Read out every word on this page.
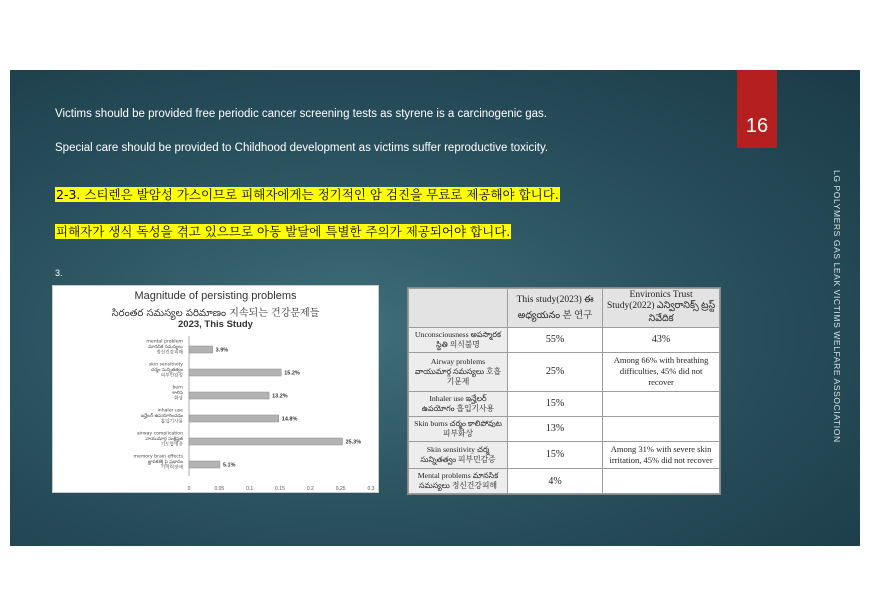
Victims should be provided free periodic cancer screening tests as styrene is a carcinogenic gas.
Special care should be provided to Childhood development as victims suffer reproductive toxicity.
2-3. 스티렌은 발암성 가스이므로 피해자에게는 정기적인 암 검진을 무료로 제공해야 합니다.
피해자가 생식 독성을 겪고 있으므로 아동 발달에 특별한 주의가 제공되어야 합니다.
16
LG POLYMERS GAS LEAK VICTIMS WELFARE ASSOCIATION
3.
Magnitude of persisting problems
సిరంతర సమస్యల పరిమాణం 지속되는 건강문제들
2023, This Study
mental problem
మానసిక సమస్యలు
정신건강피해	3.9%
skin sensitivity
చర్మం సున్నితత్వం
피부민감성	15.2%
burn
కాలిన
화상	13.2%
inhaler use
ఇన్హేలర్ ఉపయోగించడం
흡입기사용	14.8%
airway complication
వాయుమార్గ సంక్లిష్టత
기도합병증	25.3%
memory brain effects
జ్ఞాపకశక్తి పై ప్రభావం
기억력장애	5.1%
0	0.05	0.1	0.15	0.2	0.25	0.3
	This study(2023) ఈ అధ్యయనం 본 연구	Environics Trust Study(2022) ఎన్విరానిక్స్ ట్రస్ట్ నివేదిక
Unconsciousness అపస్మారక స్థితి 의식불명	55%	43%
Airway problems వాయుమార్గ సమస్యలు 호흡기문제	25%	Among 66% with breathing difficulties, 45% did not recover
Inhaler use ఇన్హేలర్ ఉపయోగం 흡입기사용	15%	
Skin burns చర్మం కాలిపోవుట 피부화상	13%	
Skin sensitivity చర్మ సున్నితత్వం 피부민감증	15%	Among 31% with severe skin irritation, 45% did not recover
Mental problems మానసిక సమస్యలు 정신건강피해	4%	
